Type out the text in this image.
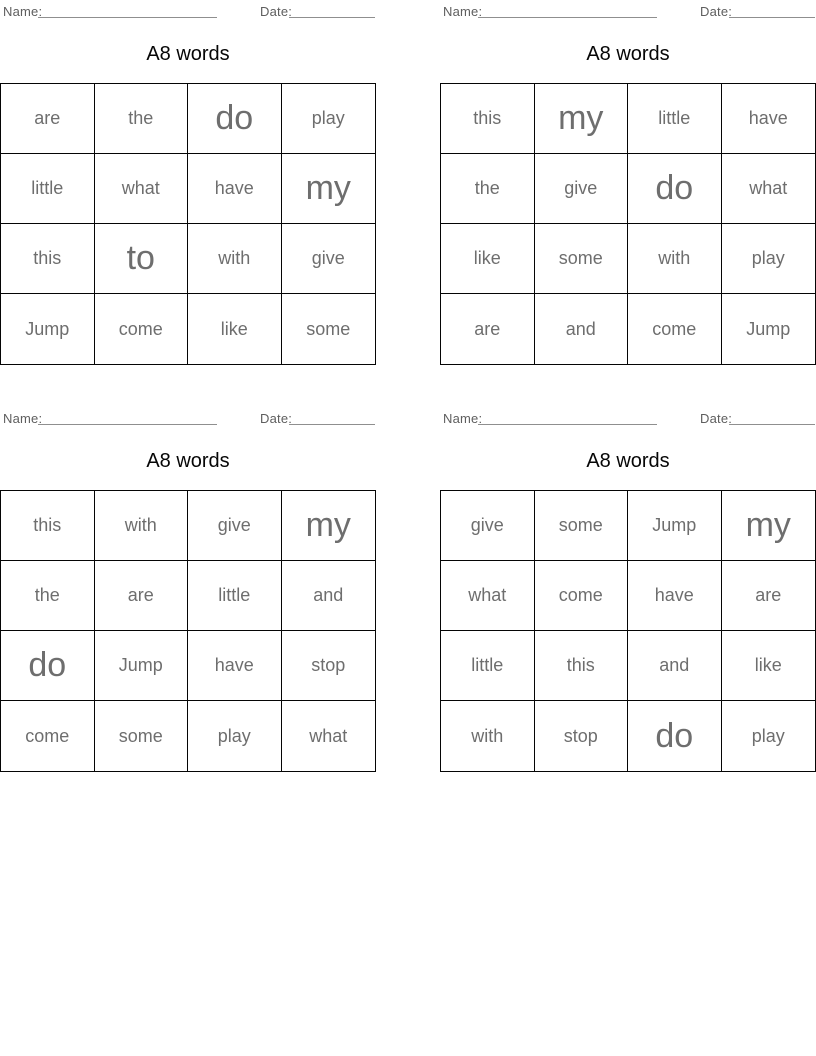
Name:	Date:
A8 words
are	the	do	play
little	what	have	my
this	to	with	give
Jump	come	like	some
Name:	Date:
A8 words
this	my	little	have
the	give	do	what
like	some	with	play
are	and	come	Jump
Name:	Date:
A8 words
this	with	give	my
the	are	little	and
do	Jump	have	stop
come	some	play	what
Name:	Date:
A8 words
give	some	Jump	my
what	come	have	are
little	this	and	like
with	stop	do	play
